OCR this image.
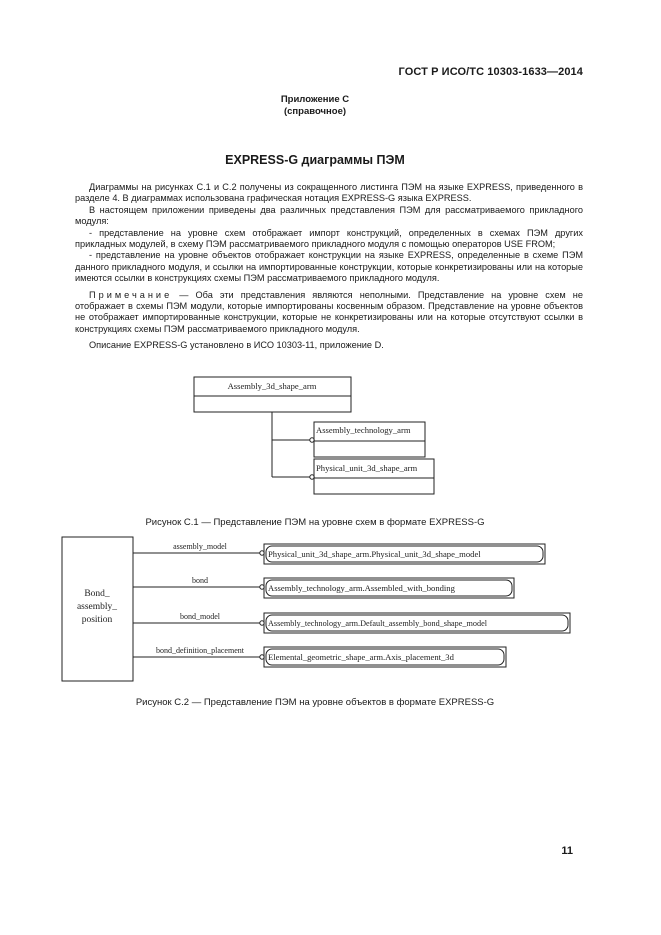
ГОСТ Р ИСО/ТС 10303-1633—2014
Приложение С
(справочное)
EXPRESS-G диаграммы ПЭМ

Диаграммы на рисунках С.1 и С.2 получены из сокращенного листинга ПЭМ на языке EXPRESS, приведенного в разделе 4. В диаграммах использована графическая нотация EXPRESS-G языка EXPRESS.

В настоящем приложении приведены два различных представления ПЭМ для рассматриваемого прикладного модуля:

- представление на уровне схем отображает импорт конструкций, определенных в схемах ПЭМ других прикладных модулей, в схему ПЭМ рассматриваемого прикладного модуля с помощью операторов USE FROM;

- представление на уровне объектов отображает конструкции на языке EXPRESS, определенные в схеме ПЭМ данного прикладного модуля, и ссылки на импортированные конструкции, которые конкретизированы или на которые имеются ссылки в конструкциях схемы ПЭМ рассматриваемого прикладного модуля.

Примечание — Оба эти представления являются неполными. Представление на уровне схем не отображает в схемы ПЭМ модули, которые импортированы косвенным образом. Представление на уровне объектов не отображает импортированные конструкции, которые не конкретизированы или на которые отсутствуют ссылки в конструкциях схемы ПЭМ рассматриваемого прикладного модуля.

Описание EXPRESS-G установлено в ИСО 10303-11, приложение D.

Assembly_3d_shape_arm
Assembly_technology_arm
Physical_unit_3d_shape_arm
Bond_
assembly_
position
assembly_model
bond
bond_model
bond_definition_placement
Physical_unit_3d_shape_arm.Physical_unit_3d_shape_model
Assembly_technology_arm.Assembled_with_bonding
Assembly_technology_arm.Default_assembly_bond_shape_model
Elemental_geometric_shape_arm.Axis_placement_3d
Рисунок С.1 — Представление ПЭМ на уровне схем в формате EXPRESS-G
Рисунок С.2 — Представление ПЭМ на уровне объектов в формате EXPRESS-G
11
